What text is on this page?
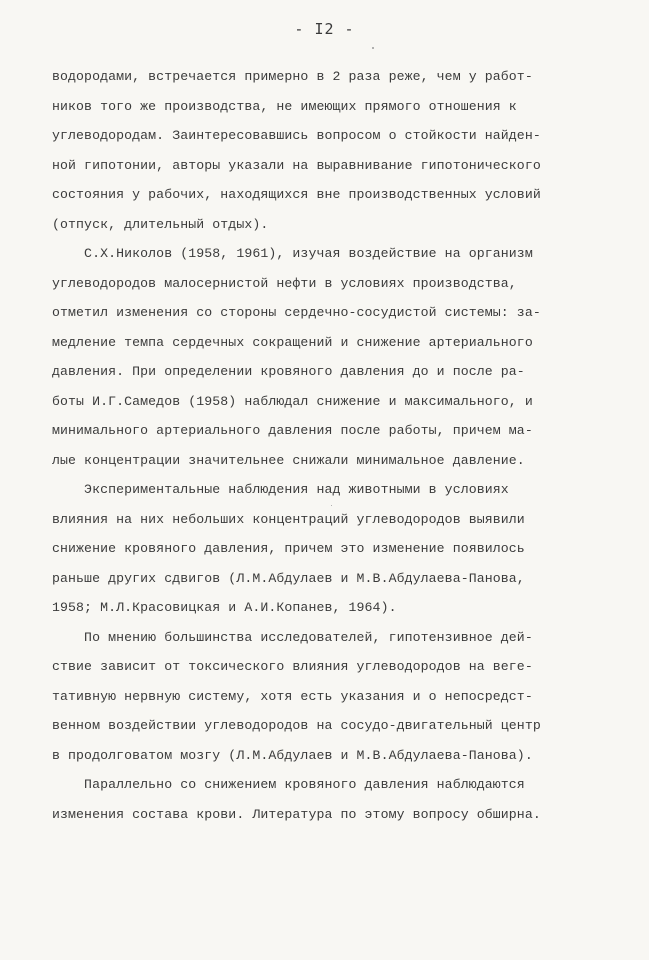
- I2 -
водородами, встречается примерно в 2 раза реже, чем у работ-
ников того же производства, не имеющих прямого отношения к
углеводородам. Заинтересовавшись вопросом о стойкости найден-
ной гипотонии, авторы указали на выравнивание гипотонического
состояния у рабочих, находящихся вне производственных условий
(отпуск, длительный отдых).
С.Х.Николов (1958, 1961), изучая воздействие на организм
углеводородов малосернистой нефти в условиях производства,
отметил изменения со стороны сердечно-сосудистой системы: за-
медление темпа сердечных сокращений и снижение артериального
давления. При определении кровяного давления до и после ра-
боты И.Г.Самедов (1958) наблюдал снижение и максимального, и
минимального артериального давления после работы, причем ма-
лые концентрации значительнее снижали минимальное давление.
Экспериментальные наблюдения над животными в условиях
влияния на них небольших концентраций углеводородов выявили
снижение кровяного давления, причем это изменение появилось
раньше других сдвигов (Л.М.Абдулаев и М.В.Абдулаева-Панова,
1958; М.Л.Красовицкая и А.И.Копанев, 1964).
По мнению большинства исследователей, гипотензивное дей-
ствие зависит от токсического влияния углеводородов на веге-
тативную нервную систему, хотя есть указания и о непосредст-
венном воздействии углеводородов на сосудо-двигательный центр
в продолговатом мозгу (Л.М.Абдулаев и М.В.Абдулаева-Панова).
Параллельно со снижением кровяного давления наблюдаются
изменения состава крови. Литература по этому вопросу обширна.
